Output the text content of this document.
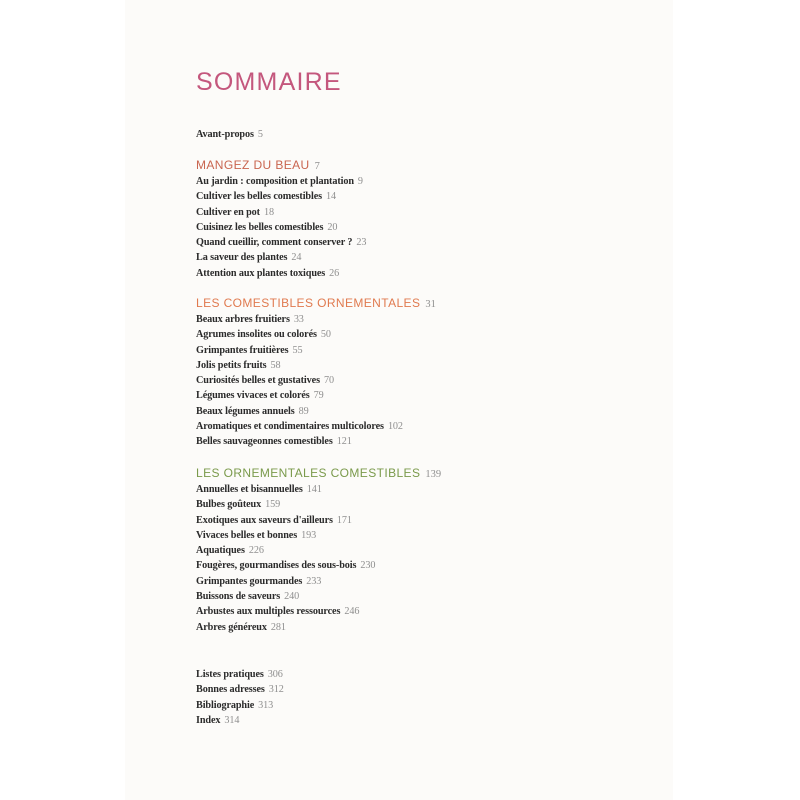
SOMMAIRE
Avant-propos 5
MANGEZ DU BEAU 7
Au jardin : composition et plantation 9
Cultiver les belles comestibles 14
Cultiver en pot 18
Cuisinez les belles comestibles 20
Quand cueillir, comment conserver ? 23
La saveur des plantes 24
Attention aux plantes toxiques 26
LES COMESTIBLES ORNEMENTALES 31
Beaux arbres fruitiers 33
Agrumes insolites ou colorés 50
Grimpantes fruitières 55
Jolis petits fruits 58
Curiosités belles et gustatives 70
Légumes vivaces et colorés 79
Beaux légumes annuels 89
Aromatiques et condimentaires multicolores 102
Belles sauvageonnes comestibles 121
LES ORNEMENTALES COMESTIBLES 139
Annuelles et bisannuelles 141
Bulbes goûteux 159
Exotiques aux saveurs d'ailleurs 171
Vivaces belles et bonnes 193
Aquatiques 226
Fougères, gourmandises des sous-bois 230
Grimpantes gourmandes 233
Buissons de saveurs 240
Arbustes aux multiples ressources 246
Arbres généreux 281
Listes pratiques 306
Bonnes adresses 312
Bibliographie 313
Index 314
